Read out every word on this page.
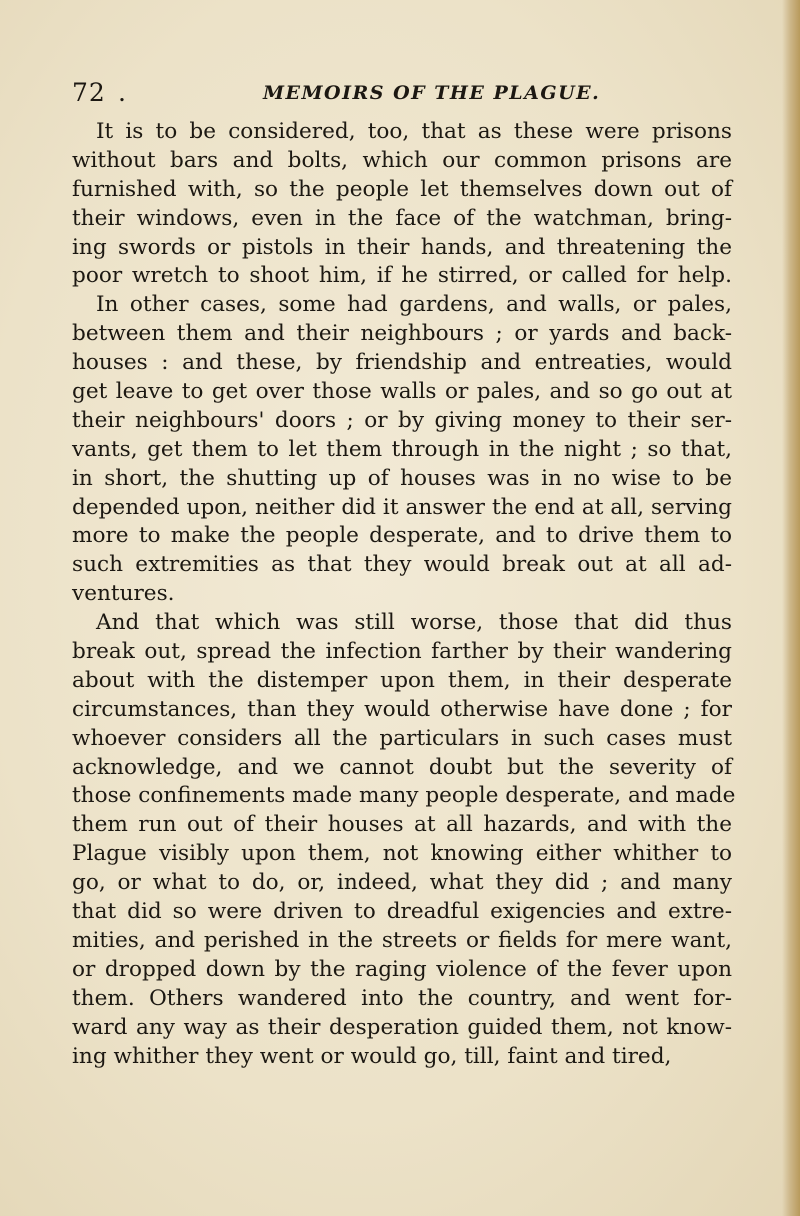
72 .	MEMOIRS OF THE PLAGUE.
It is to be considered, too, that as these were prisons
without bars and bolts, which our common prisons are
furnished with, so the people let themselves down out of
their windows, even in the face of the watchman, bring-
ing swords or pistols in their hands, and threatening the
poor wretch to shoot him, if he stirred, or called for help.
In other cases, some had gardens, and walls, or pales,
between them and their neighbours ; or yards and back-
houses : and these, by friendship and entreaties, would
get leave to get over those walls or pales, and so go out at
their neighbours' doors ; or by giving money to their ser-
vants, get them to let them through in the night ; so that,
in short, the shutting up of houses was in no wise to be
depended upon, neither did it answer the end at all, serving
more to make the people desperate, and to drive them to
such extremities as that they would break out at all ad-
ventures.
And that which was still worse, those that did thus
break out, spread the infection farther by their wandering
about with the distemper upon them, in their desperate
circumstances, than they would otherwise have done ; for
whoever considers all the particulars in such cases must
acknowledge, and we cannot doubt but the severity of
those confinements made many people desperate, and made
them run out of their houses at all hazards, and with the
Plague visibly upon them, not knowing either whither to
go, or what to do, or, indeed, what they did ; and many
that did so were driven to dreadful exigencies and extre-
mities, and perished in the streets or fields for mere want,
or dropped down by the raging violence of the fever upon
them. Others wandered into the country, and went for-
ward any way as their desperation guided them, not know-
ing whither they went or would go, till, faint and tired,
